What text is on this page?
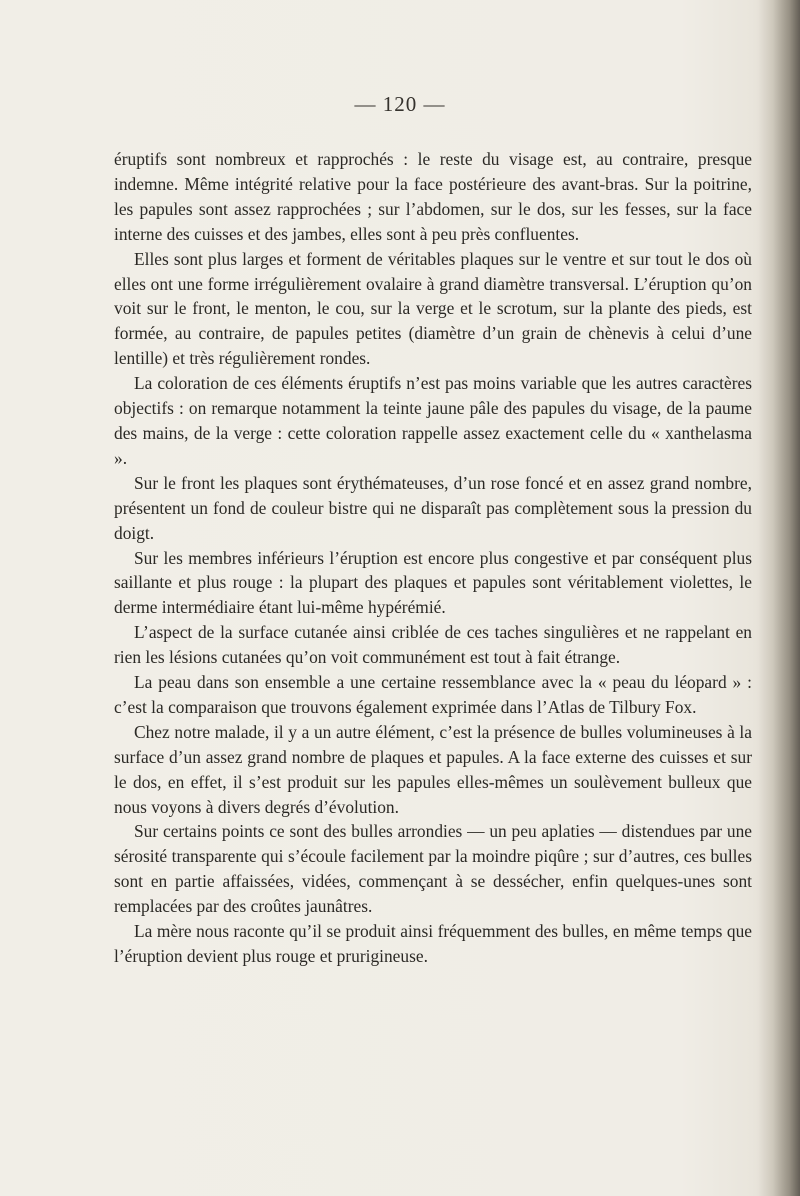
— 120 —

éruptifs sont nombreux et rapprochés : le reste du visage est, au contraire, presque indemne. Même intégrité relative pour la face postérieure des avant-bras. Sur la poitrine, les papules sont assez rapprochées ; sur l’abdomen, sur le dos, sur les fesses, sur la face interne des cuisses et des jambes, elles sont à peu près confluentes.

Elles sont plus larges et forment de véritables plaques sur le ventre et sur tout le dos où elles ont une forme irrégulièrement ovalaire à grand diamètre transversal. L’éruption qu’on voit sur le front, le menton, le cou, sur la verge et le scrotum, sur la plante des pieds, est formée, au contraire, de papules petites (diamètre d’un grain de chènevis à celui d’une lentille) et très régulièrement rondes.

La coloration de ces éléments éruptifs n’est pas moins variable que les autres caractères objectifs : on remarque notamment la teinte jaune pâle des papules du visage, de la paume des mains, de la verge : cette coloration rappelle assez exactement celle du « xanthelasma ».

Sur le front les plaques sont érythémateuses, d’un rose foncé et en assez grand nombre, présentent un fond de couleur bistre qui ne disparaît pas complètement sous la pression du doigt.

Sur les membres inférieurs l’éruption est encore plus congestive et par conséquent plus saillante et plus rouge : la plupart des plaques et papules sont véritablement violettes, le derme intermédiaire étant lui-même hypérémié.

L’aspect de la surface cutanée ainsi criblée de ces taches singulières et ne rappelant en rien les lésions cutanées qu’on voit communément est tout à fait étrange.

La peau dans son ensemble a une certaine ressemblance avec la « peau du léopard » : c’est la comparaison que trouvons également exprimée dans l’Atlas de Tilbury Fox.

Chez notre malade, il y a un autre élément, c’est la présence de bulles volumineuses à la surface d’un assez grand nombre de plaques et papules. A la face externe des cuisses et sur le dos, en effet, il s’est produit sur les papules elles-mêmes un soulèvement bulleux que nous voyons à divers degrés d’évolution.

Sur certains points ce sont des bulles arrondies — un peu aplaties — distendues par une sérosité transparente qui s’écoule facilement par la moindre piqûre ; sur d’autres, ces bulles sont en partie affaissées, vidées, commençant à se dessécher, enfin quelques-unes sont remplacées par des croûtes jaunâtres.

La mère nous raconte qu’il se produit ainsi fréquemment des bulles, en même temps que l’éruption devient plus rouge et prurigineuse.
